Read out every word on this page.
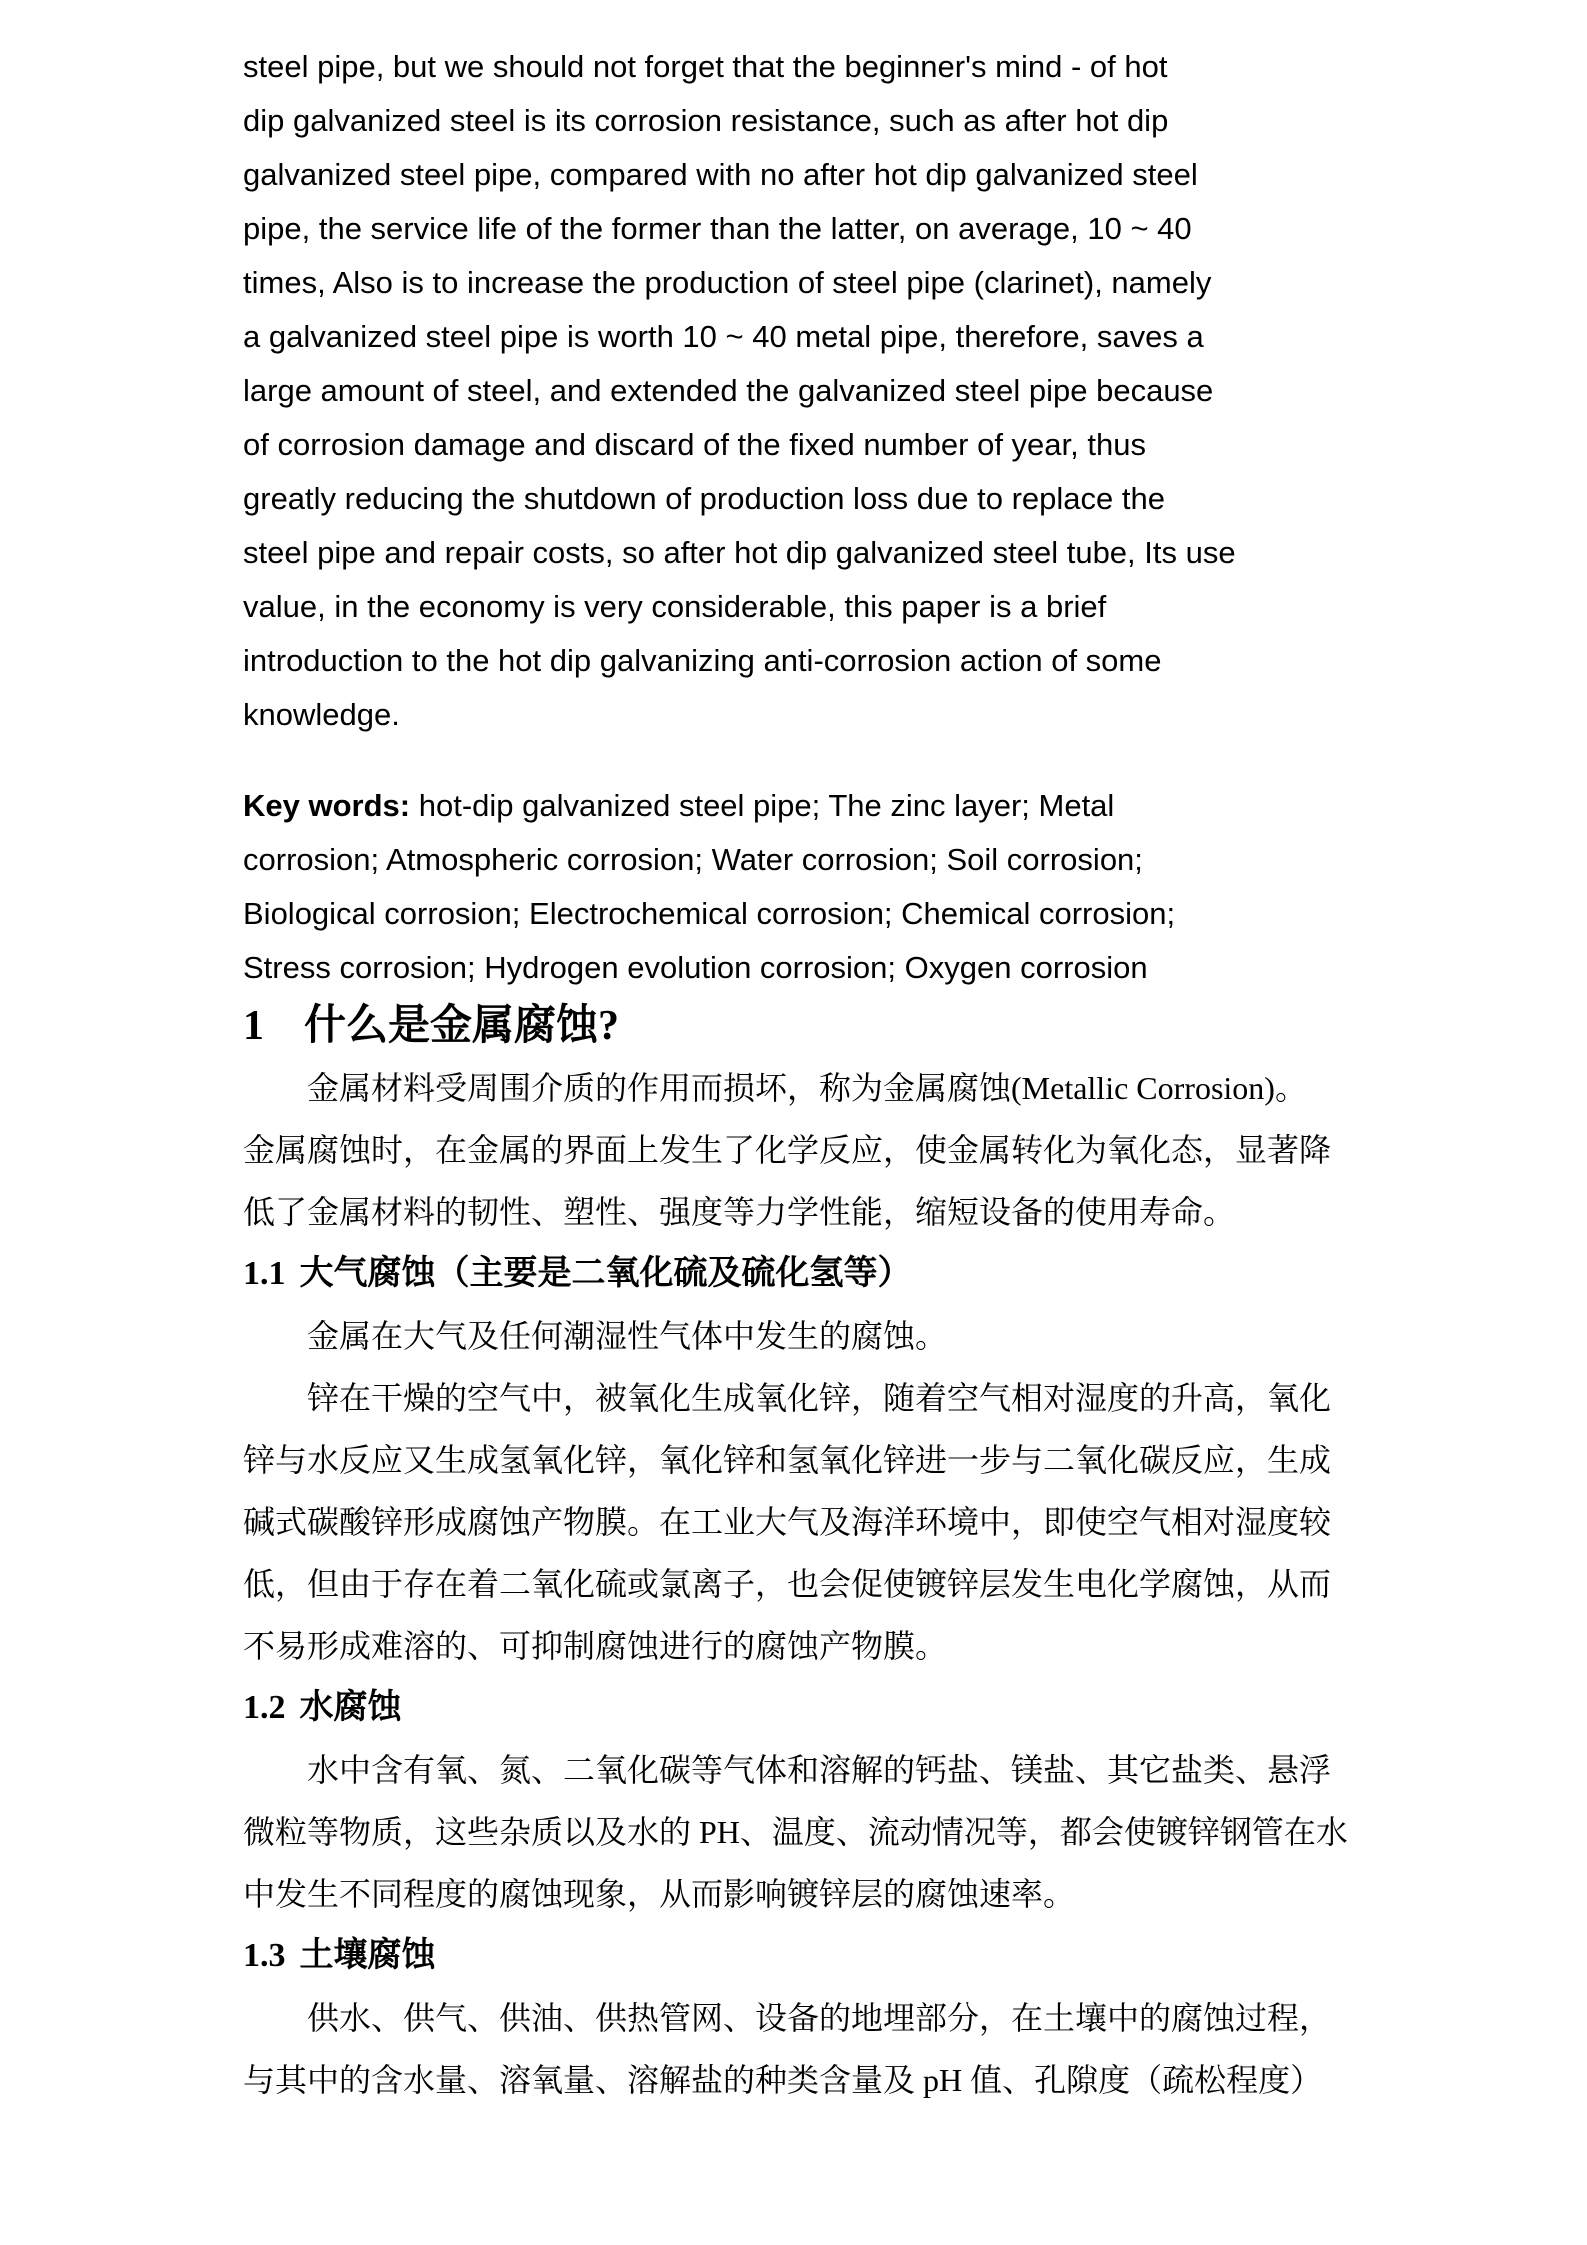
steel pipe, but we should not forget that the beginner's mind - of hot
dip galvanized steel is its corrosion resistance, such as after hot dip
galvanized steel pipe, compared with no after hot dip galvanized steel
pipe, the service life of the former than the latter, on average, 10 ~ 40
times, Also is to increase the production of steel pipe (clarinet), namely
a galvanized steel pipe is worth 10 ~ 40 metal pipe, therefore, saves a
large amount of steel, and extended the galvanized steel pipe because
of corrosion damage and discard of the fixed number of year, thus
greatly reducing the shutdown of production loss due to replace the
steel pipe and repair costs, so after hot dip galvanized steel tube, Its use
value, in the economy is very considerable, this paper is a brief
introduction to the hot dip galvanizing anti-corrosion action of some
knowledge.
Key words: hot-dip galvanized steel pipe; The zinc layer; Metal
corrosion; Atmospheric corrosion; Water corrosion; Soil corrosion;
Biological corrosion; Electrochemical corrosion; Chemical corrosion;
Stress corrosion; Hydrogen evolution corrosion; Oxygen corrosion
1 什么是金属腐蚀?
金属材料受周围介质的作用而损坏，称为金属腐蚀(Metallic Corrosion)。
金属腐蚀时，在金属的界面上发生了化学反应，使金属转化为氧化态，显著降
低了金属材料的韧性、塑性、强度等力学性能，缩短设备的使用寿命。
1.1 大气腐蚀（主要是二氧化硫及硫化氢等）
金属在大气及任何潮湿性气体中发生的腐蚀。
锌在干燥的空气中，被氧化生成氧化锌，随着空气相对湿度的升高，氧化
锌与水反应又生成氢氧化锌，氧化锌和氢氧化锌进一步与二氧化碳反应，生成
碱式碳酸锌形成腐蚀产物膜。在工业大气及海洋环境中，即使空气相对湿度较
低，但由于存在着二氧化硫或氯离子，也会促使镀锌层发生电化学腐蚀，从而
不易形成难溶的、可抑制腐蚀进行的腐蚀产物膜。
1.2 水腐蚀
水中含有氧、氮、二氧化碳等气体和溶解的钙盐、镁盐、其它盐类、悬浮
微粒等物质，这些杂质以及水的 PH、温度、流动情况等，都会使镀锌钢管在水
中发生不同程度的腐蚀现象，从而影响镀锌层的腐蚀速率。
1.3 土壤腐蚀
供水、供气、供油、供热管网、设备的地埋部分，在土壤中的腐蚀过程，
与其中的含水量、溶氧量、溶解盐的种类含量及 pH 值、孔隙度（疏松程度）
